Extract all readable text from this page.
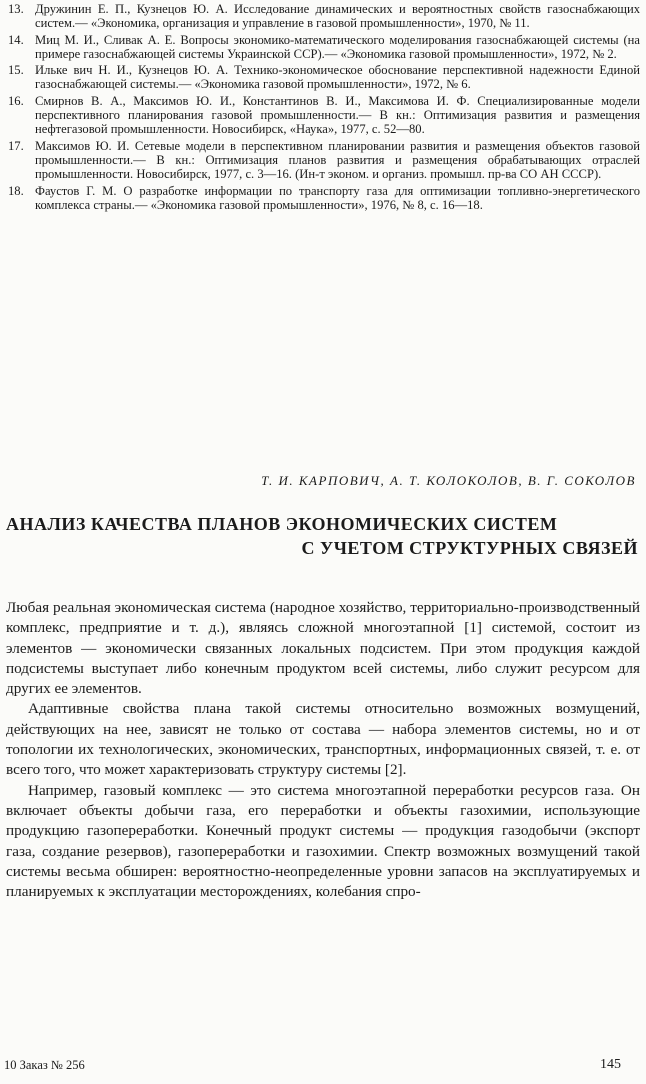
13. Дружинин Е. П., Кузнецов Ю. А. Исследование динамических и вероятностных свойств газоснабжающих систем.— «Экономика, организация и управление в газовой промышленности», 1970, № 11.
14. Миц М. И., Сливак А. Е. Вопросы экономико-математического моделирования газоснабжающей системы (на примере газоснабжающей системы Украинской ССР).— «Экономика газовой промышленности», 1972, № 2.
15. Ильке вич Н. И., Кузнецов Ю. А. Технико-экономическое обоснование перспективной надежности Единой газоснабжающей системы.— «Экономика газовой промышленности», 1972, № 6.
16. Смирнов В. А., Максимов Ю. И., Константинов В. И., Максимова И. Ф. Специализированные модели перспективного планирования газовой промышленности.— В кн.: Оптимизация развития и размещения нефтегазовой промышленности. Новосибирск, «Наука», 1977, с. 52—80.
17. Максимов Ю. И. Сетевые модели в перспективном планировании развития и размещения объектов газовой промышленности.— В кн.: Оптимизация планов развития и размещения обрабатывающих отраслей промышленности. Новосибирск, 1977, с. 3—16. (Ин-т эконом. и организ. промышл. пр-ва СО АН СССР).
18. Фаустов Г. М. О разработке информации по транспорту газа для оптимизации топливно-энергетического комплекса страны.— «Экономика газовой промышленности», 1976, № 8, с. 16—18.
Т. И. КАРПОВИЧ, А. Т. КОЛОКОЛОВ, В. Г. СОКОЛОВ
АНАЛИЗ КАЧЕСТВА ПЛАНОВ ЭКОНОМИЧЕСКИХ СИСТЕМ
С УЧЕТОМ СТРУКТУРНЫХ СВЯЗЕЙ

Любая реальная экономическая система (народное хозяйство, территориально-производственный комплекс, предприятие и т. д.), являясь сложной многоэтапной [1] системой, состоит из элементов — экономически связанных локальных подсистем. При этом продукция каждой подсистемы выступает либо конечным продуктом всей системы, либо служит ресурсом для других ее элементов.

Адаптивные свойства плана такой системы относительно возможных возмущений, действующих на нее, зависят не только от состава — набора элементов системы, но и от топологии их технологических, экономических, транспортных, информационных связей, т. е. от всего того, что может характеризовать структуру системы [2].

Например, газовый комплекс — это система многоэтапной переработки ресурсов газа. Он включает объекты добычи газа, его переработки и объекты газохимии, использующие продукцию газопереработки. Конечный продукт системы — продукция газодобычи (экспорт газа, создание резервов), газопереработки и газохимии. Спектр возможных возмущений такой системы весьма обширен: вероятностно-неопределенные уровни запасов на эксплуатируемых и планируемых к эксплуатации месторождениях, колебания спро-

10 Заказ № 256	145
